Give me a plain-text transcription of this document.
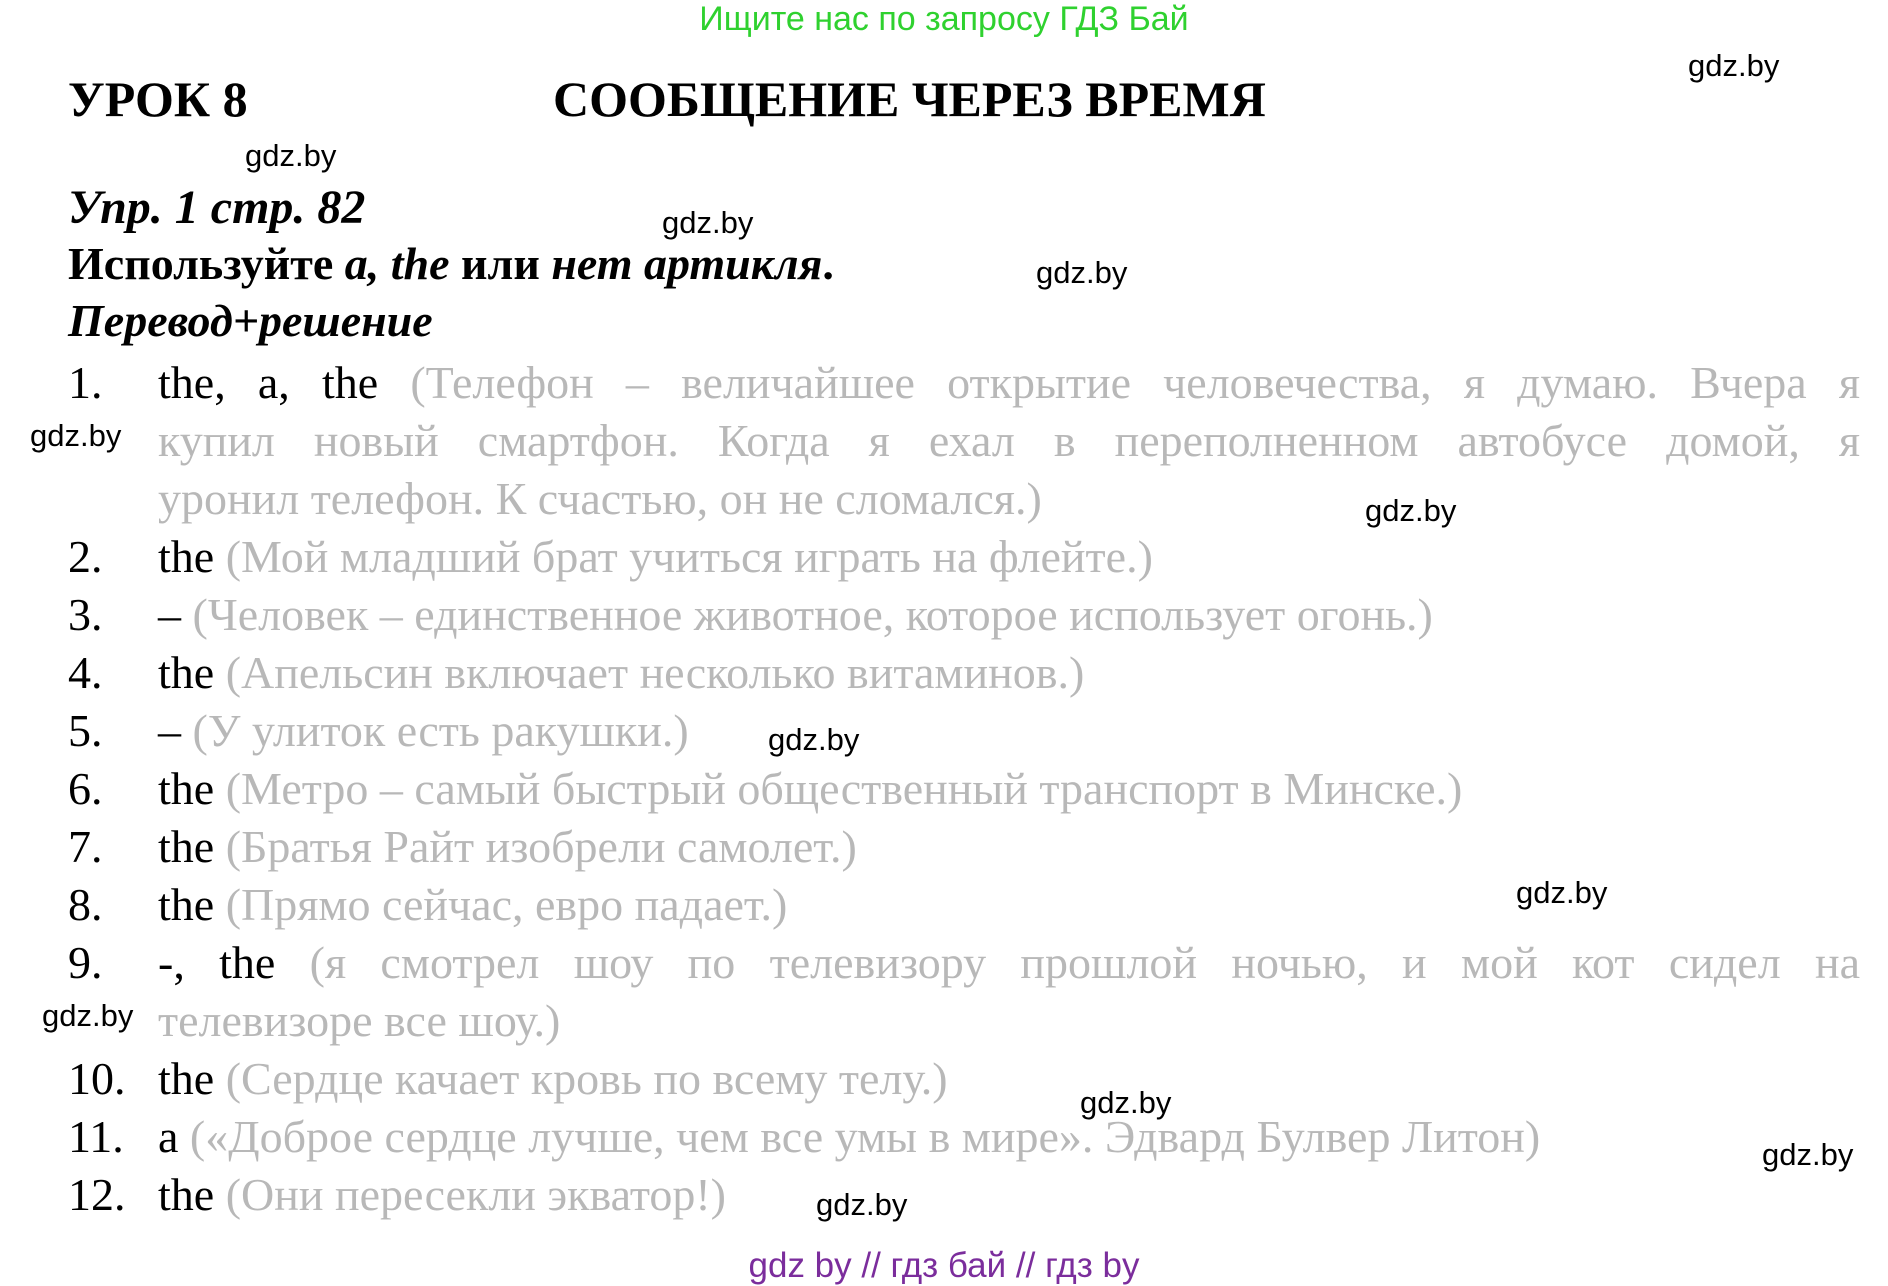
Ищите нас по запросу ГДЗ Бай
gdz.by
gdz.by
gdz.by
gdz.by
gdz.by
gdz.by
gdz.by
gdz.by
gdz.by
gdz.by
gdz.by
gdz.by
УРОК 8	СООБЩЕНИЕ ЧЕРЕЗ ВРЕМЯ
Упр. 1 стр. 82
Используйте a, the или нет артикля.
Перевод+решение
1. the, a, the (Телефон – величайшее открытие человечества, я думаю. Вчера я
купил новый смартфон. Когда я ехал в переполненном автобусе домой, я
уронил телефон. К счастью, он не сломался.)
2. the (Мой младший брат учиться играть на флейте.)
3. – (Человек – единственное животное, которое использует огонь.)
4. the (Апельсин включает несколько витаминов.)
5. – (У улиток есть ракушки.)
6. the (Метро – самый быстрый общественный транспорт в Минске.)
7. the (Братья Райт изобрели самолет.)
8. the (Прямо сейчас, евро падает.)
9. -, the (я смотрел шоу по телевизору прошлой ночью, и мой кот сидел на
телевизоре все шоу.)
10. the (Сердце качает кровь по всему телу.)
11. a («Доброе сердце лучше, чем все умы в мире». Эдвард Булвер Литон)
12. the (Они пересекли экватор!)
gdz by // гдз бай // гдз by
